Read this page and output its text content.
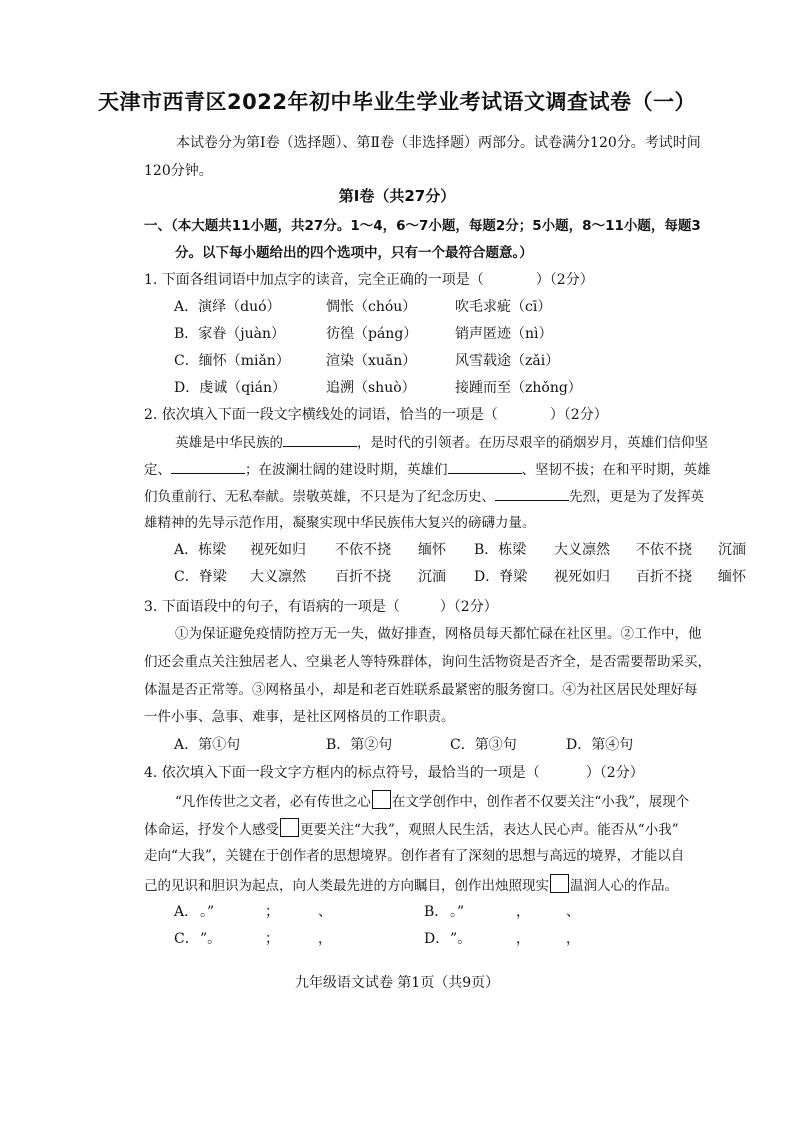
天津市西青区2022年初中毕业生学业考试语文调查试卷（一）
本试卷分为第Ⅰ卷（选择题）、第Ⅱ卷（非选择题）两部分。试卷满分120分。考试时间
120分钟。
第Ⅰ卷（共27分）
一、（本大题共11小题，共27分。1～4，6～7小题，每题2分；5小题，8～11小题，每题3
分。以下每小题给出的四个选项中，只有一个最符合题意。）
1. 下面各组词语中加点字的读音，完全正确的一项是（	）（2分）
A．演绎（duó）	惆怅（chóu）	吹毛求疵（cī）
B．家眷（juàn）	彷徨（páng）	销声匿迹（nì）
C．缅怀（miǎn）	渲染（xuān）	风雪载途（zǎi）
D．虔诚（qián）	追溯（shuò）	接踵而至（zhǒng）
2. 依次填入下面一段文字横线处的词语，恰当的一项是（	）（2分）
英雄是中华民族的	，是时代的引领者。在历尽艰辛的硝烟岁月，英雄们信仰坚
定、	；在波澜壮阔的建设时期，英雄们	、坚韧不拔；在和平时期，英雄
们负重前行、无私奉献。崇敬英雄，不只是为了纪念历史、	先烈，更是为了发挥英
雄精神的先导示范作用，凝聚实现中华民族伟大复兴的磅礴力量。
A．栋梁 视死如归 不依不挠 缅怀 B．栋梁 大义凛然 不依不挠 沉湎
C．脊梁 大义凛然 百折不挠 沉湎 D．脊梁 视死如归 百折不挠 缅怀
3. 下面语段中的句子，有语病的一项是（	）（2分）
①为保证避免疫情防控万无一失，做好排查，网格员每天都忙碌在社区里。②工作中，他
们还会重点关注独居老人、空巢老人等特殊群体，询问生活物资是否齐全，是否需要帮助采买，
体温是否正常等。③网格虽小，却是和老百姓联系最紧密的服务窗口。④为社区居民处理好每
一件小事、急事、难事，是社区网格员的工作职责。
A．第①句	B．第②句	C．第③句	D．第④句
4. 依次填入下面一段文字方框内的标点符号，最恰当的一项是（	）（2分）
“凡作传世之文者，必有传世之心 在文学创作中，创作者不仅要关注“小我”，展现个
体命运，抒发个人感受 更要关注“大我”，观照人民生活，表达人民心声。能否从“小我”
走向“大我”，关键在于创作者的思想境界。创作者有了深刻的思想与高远的境界，才能以自
己的见识和胆识为起点，向人类最先进的方向瞩目，创作出烛照现实 温润人心的作品。
A． 。”	；	、	B． 。”	，	、
C． ”。	；	，	D． ”。	，	，
九年级语文试卷 第1页（共9页）
